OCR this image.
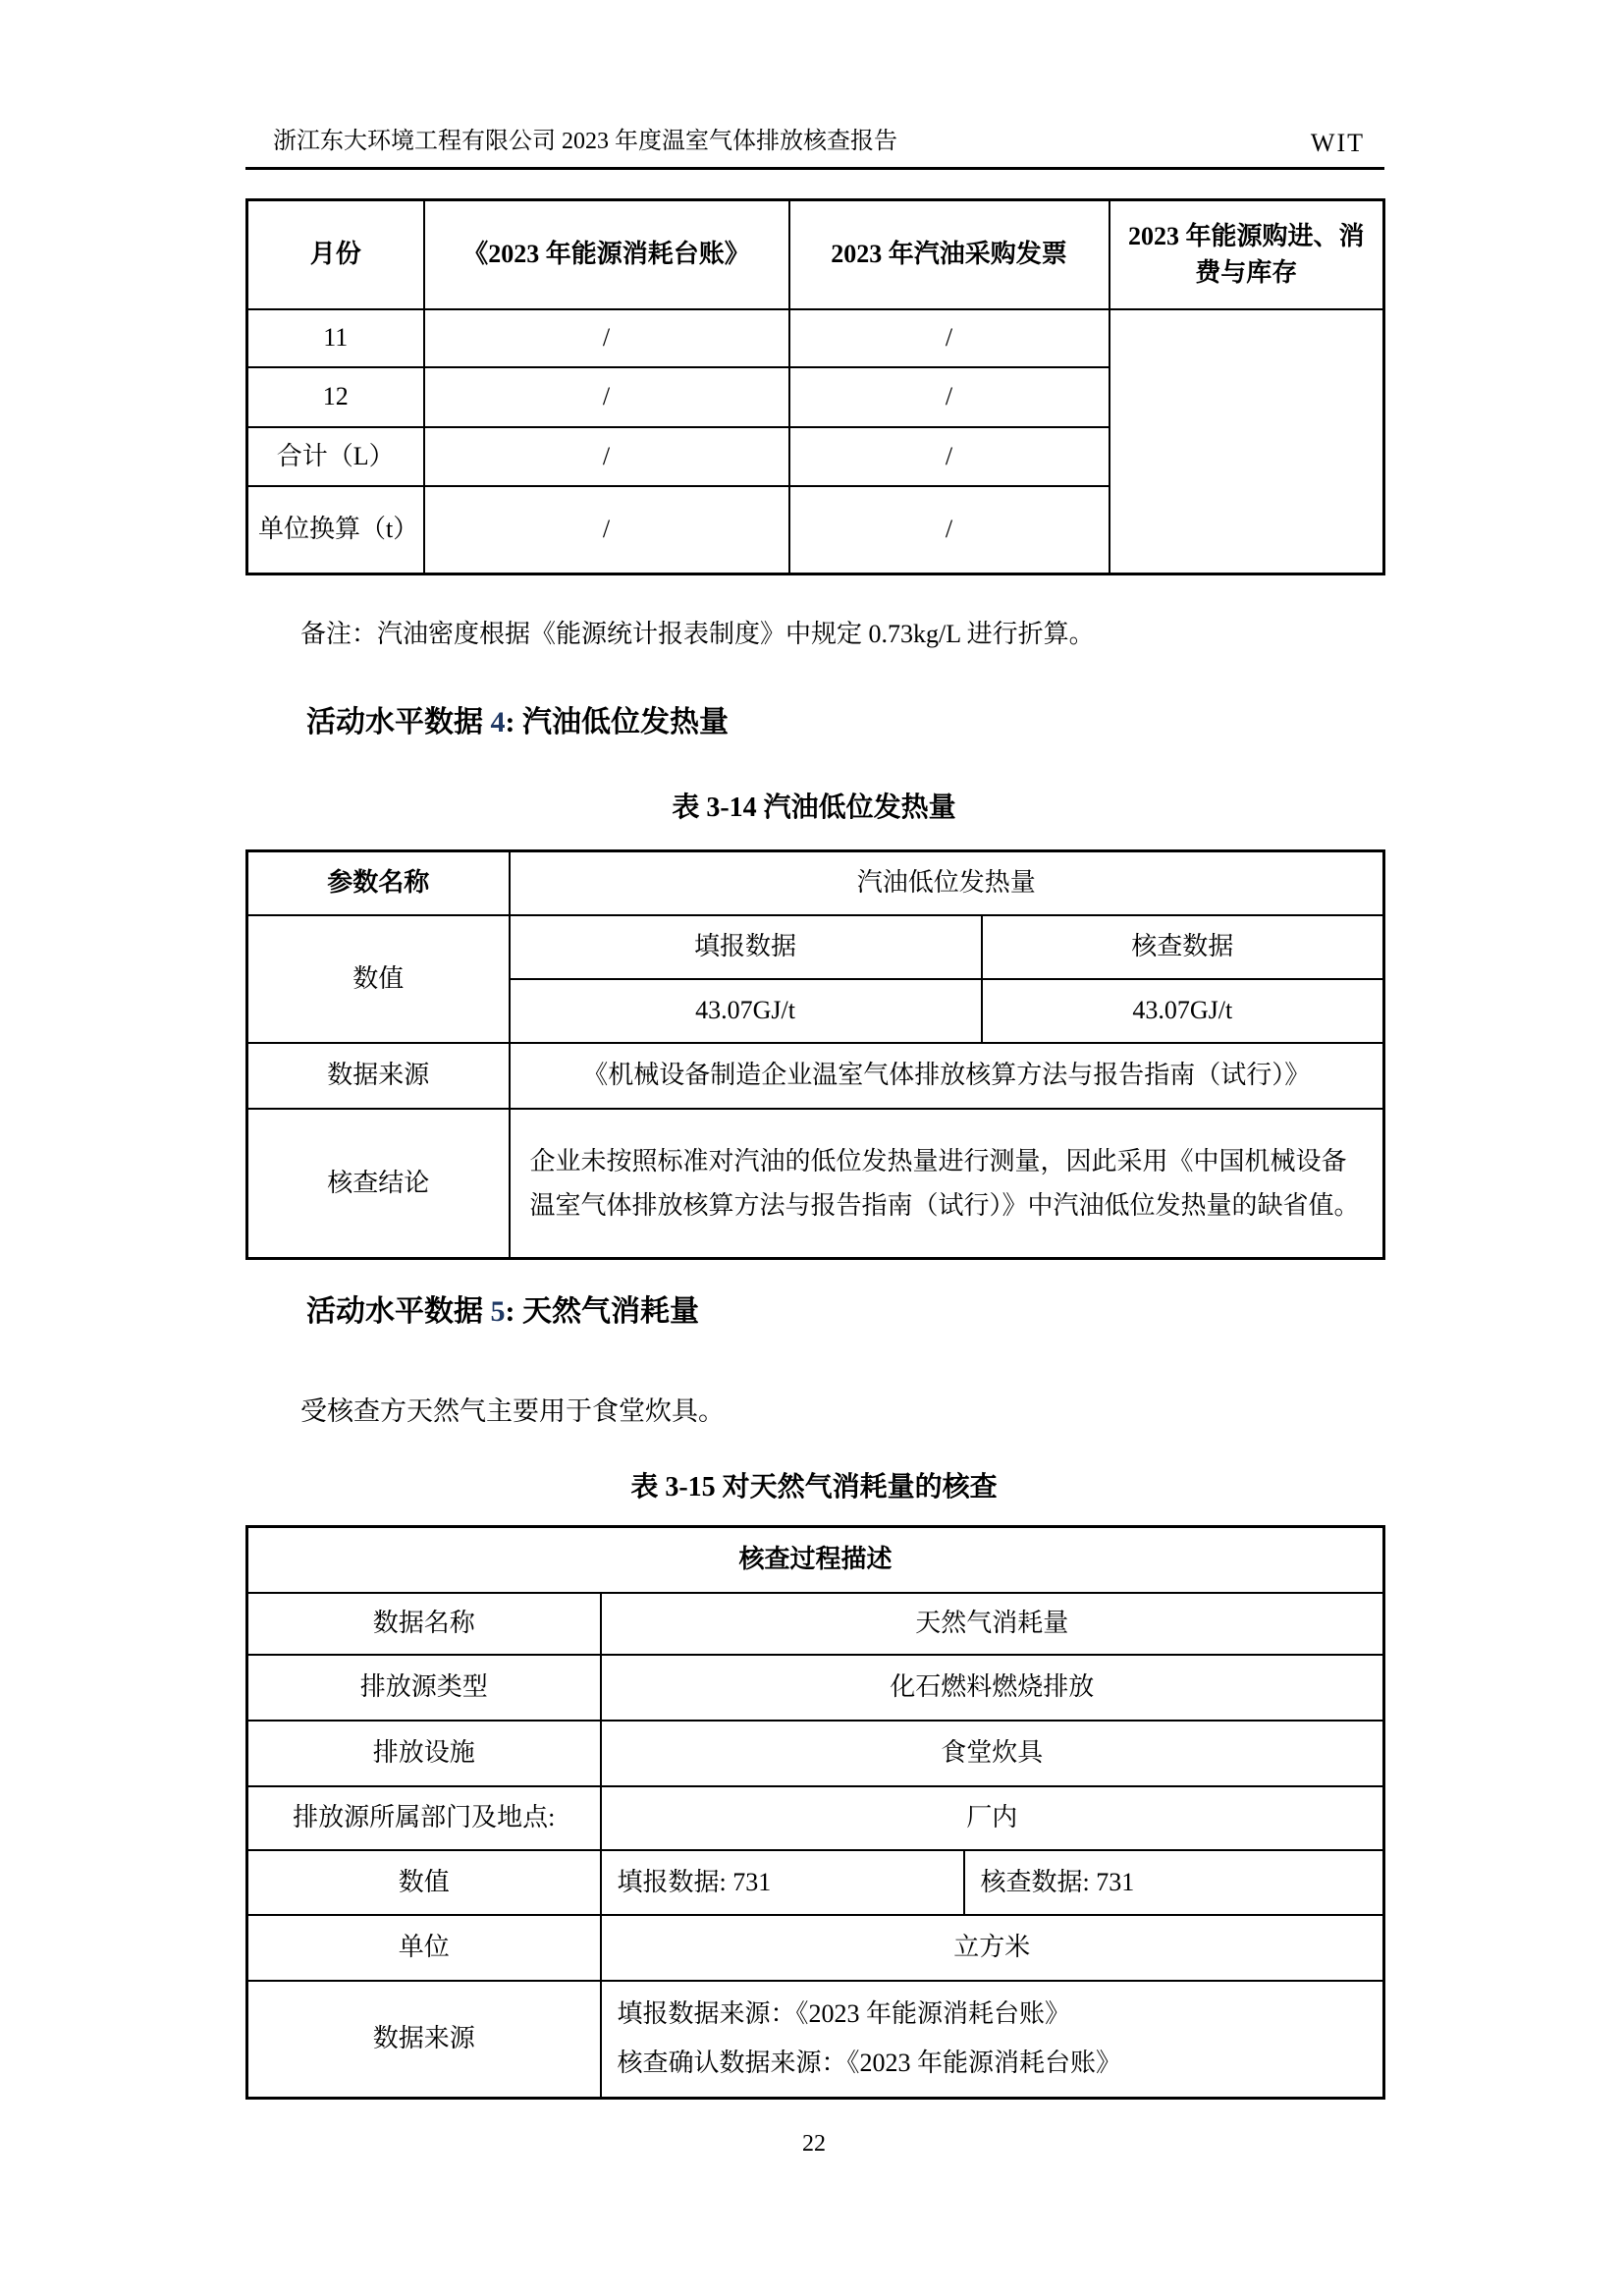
浙江东大环境工程有限公司 2023 年度温室气体排放核查报告	WIT
月份	《2023 年能源消耗台账》	2023 年汽油采购发票	2023 年能源购进、消费与库存
11	/	/	
12	/	/	
合计（L）	/	/	
单位换算（t）	/	/	
备注：汽油密度根据《能源统计报表制度》中规定 0.73kg/L 进行折算。
活动水平数据 4: 汽油低位发热量
表 3-14 汽油低位发热量
参数名称	汽油低位发热量	
数值	填报数据	核查数据
	43.07GJ/t	43.07GJ/t
数据来源	《机械设备制造企业温室气体排放核算方法与报告指南（试行）》	
核查结论	企业未按照标准对汽油的低位发热量进行测量，因此采用《中国机械设备温室气体排放核算方法与报告指南（试行）》中汽油低位发热量的缺省值。	
活动水平数据 5: 天然气消耗量
受核查方天然气主要用于食堂炊具。
表 3-15 对天然气消耗量的核查
核查过程描述		
数据名称	天然气消耗量	
排放源类型	化石燃料燃烧排放	
排放设施	食堂炊具	
排放源所属部门及地点:	厂内	
数值	填报数据: 731	核查数据: 731
单位	立方米	
数据来源	填报数据来源：《2023 年能源消耗台账》
核查确认数据来源：《2023 年能源消耗台账》	
22
